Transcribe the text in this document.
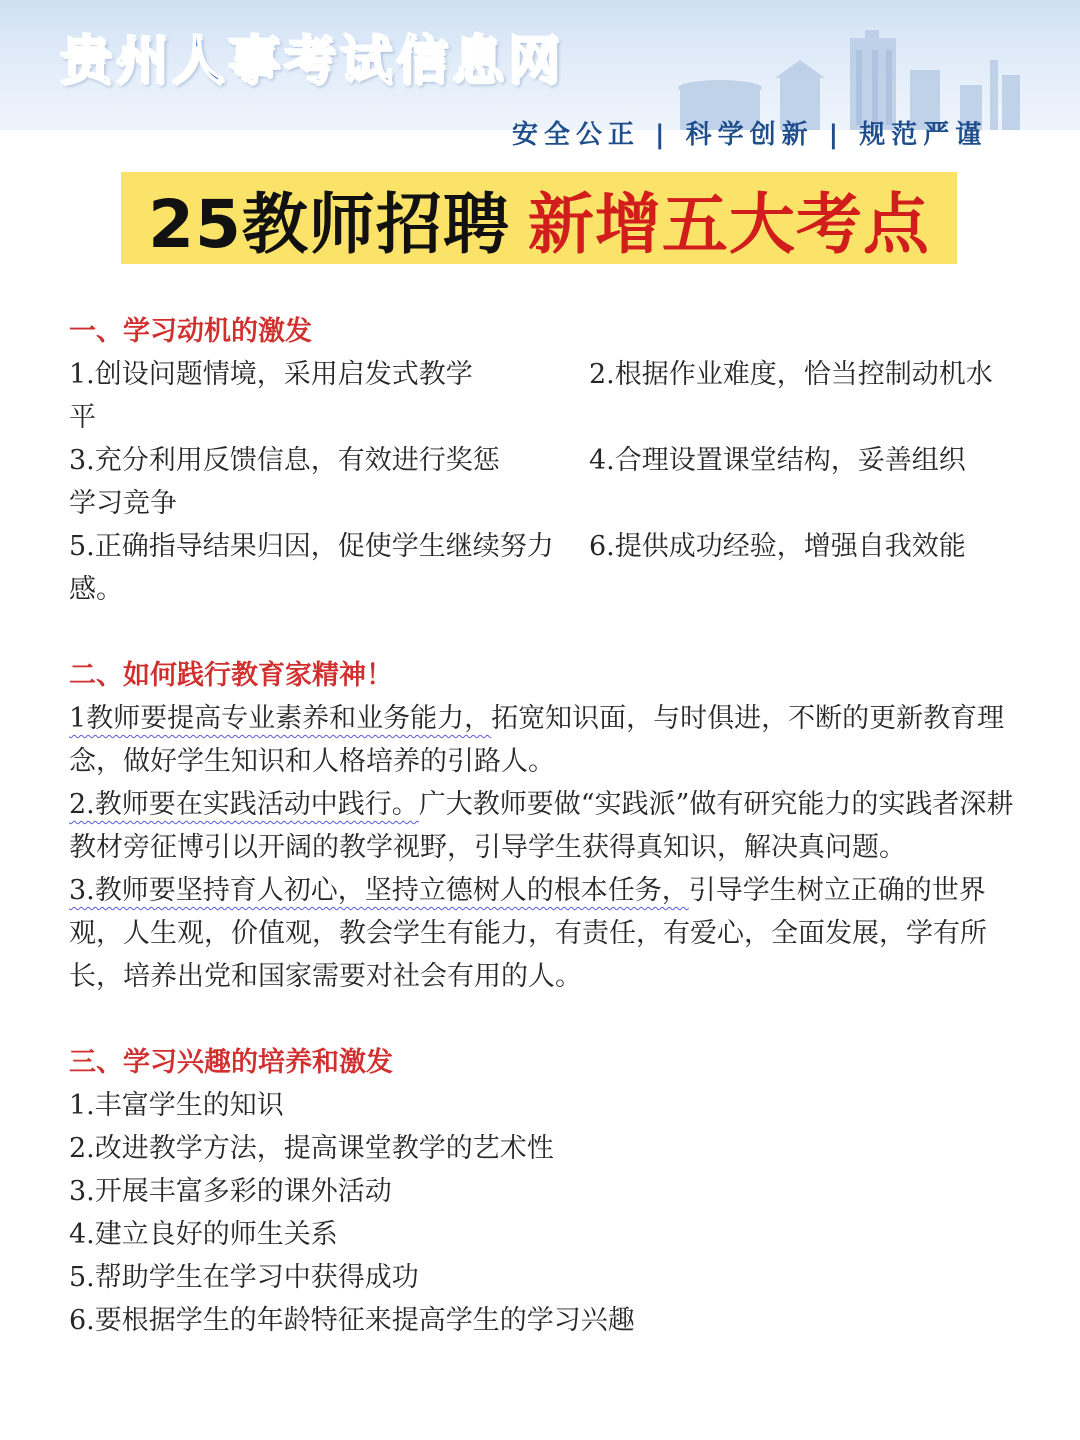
贵州人事考试信息网
安全公正 | 科学创新 | 规范严谨
25教师招聘 新增五大考点
一、学习动机的激发
1.创设问题情境，采用启发式教学	2.根据作业难度，恰当控制动机水
平
3.充分利用反馈信息，有效进行奖惩	4.合理设置课堂结构，妥善组织
学习竞争
5.正确指导结果归因，促使学生继续努力 6.提供成功经验，增强自我效能
感。
二、如何践行教育家精神！
1教师要提高专业素养和业务能力，拓宽知识面，与时俱进，不断的更新教育理念，做好学生知识和人格培养的引路人。
2.教师要在实践活动中践行。广大教师要做“实践派”做有研究能力的实践者深耕教材旁征博引以开阔的教学视野，引导学生获得真知识，解决真问题。
3.教师要坚持育人初心，坚持立德树人的根本任务，引导学生树立正确的世界观，人生观，价值观，教会学生有能力，有责任，有爱心，全面发展，学有所长，培养出党和国家需要对社会有用的人。
三、学习兴趣的培养和激发
1.丰富学生的知识
2.改进教学方法，提高课堂教学的艺术性
3.开展丰富多彩的课外活动
4.建立良好的师生关系
5.帮助学生在学习中获得成功
6.要根据学生的年龄特征来提高学生的学习兴趣
